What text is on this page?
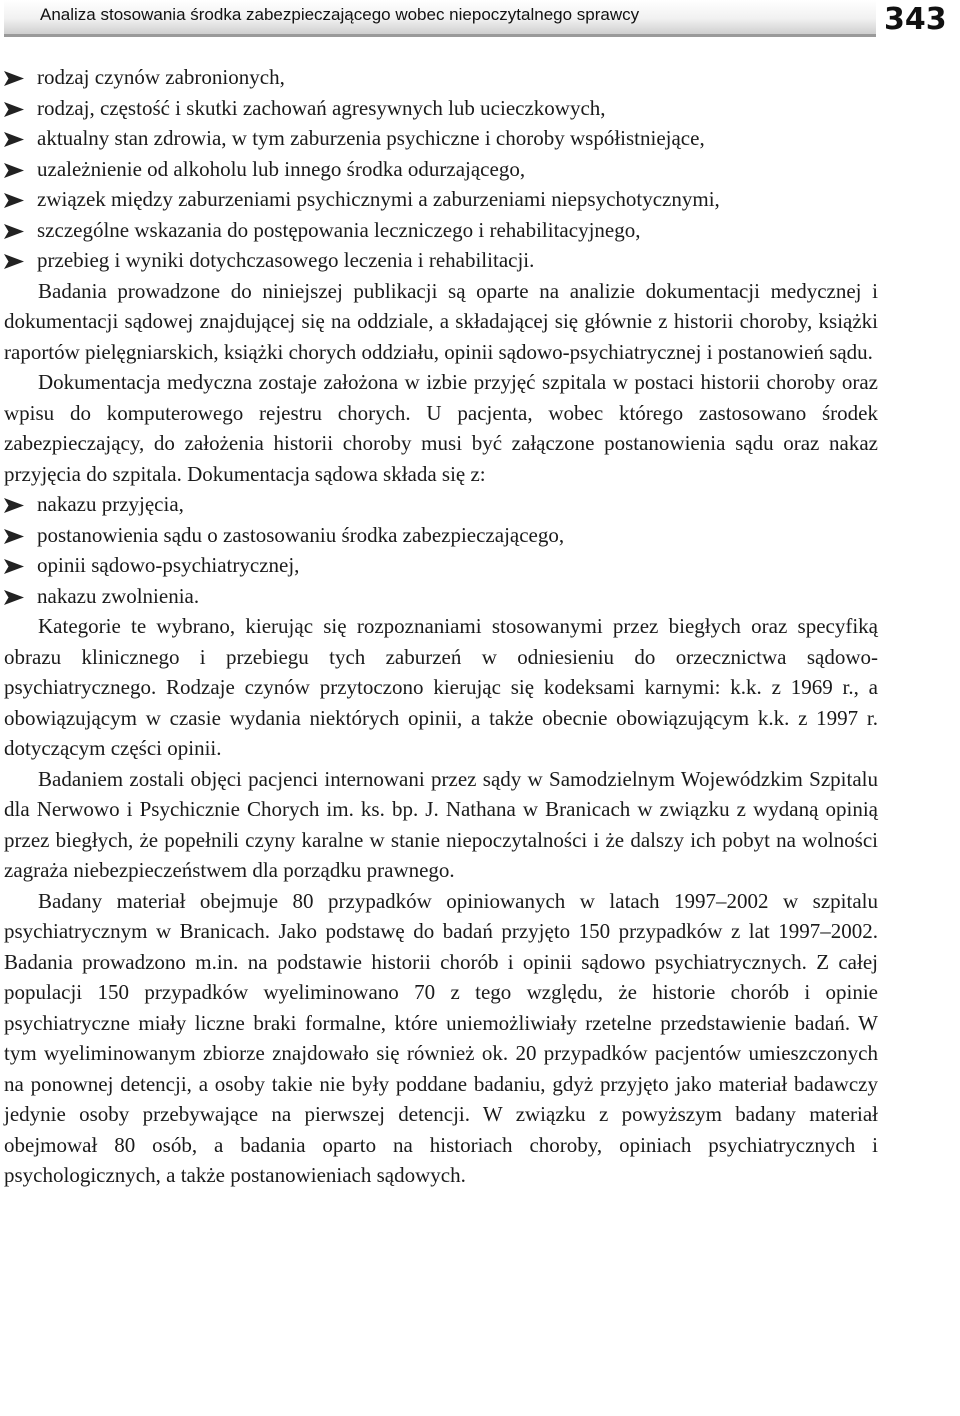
Analiza stosowania środka zabezpieczającego wobec niepoczytalnego sprawcy	343
rodzaj czynów zabronionych,
rodzaj, częstość i skutki zachowań agresywnych lub ucieczkowych,
aktualny stan zdrowia, w tym zaburzenia psychiczne i choroby współistniejące,
uzależnienie od alkoholu lub innego środka odurzającego,
związek między zaburzeniami psychicznymi a zaburzeniami niepsychotycznymi,
szczególne wskazania do postępowania leczniczego i rehabilitacyjnego,
przebieg i wyniki dotychczasowego leczenia i rehabilitacji.

Badania prowadzone do niniejszej publikacji są oparte na analizie dokumentacji medycznej i dokumentacji sądowej znajdującej się na oddziale, a składającej się głównie z historii choroby, książki raportów pielęgniarskich, książki chorych oddziału, opinii sądowo-psychiatrycznej i postanowień sądu.

Dokumentacja medyczna zostaje założona w izbie przyjęć szpitala w postaci historii choroby oraz wpisu do komputerowego rejestru chorych. U pacjenta, wobec którego zastosowano środek zabezpieczający, do założenia historii choroby musi być załączone postanowienia sądu oraz nakaz przyjęcia do szpitala. Dokumentacja sądowa składa się z:

nakazu przyjęcia,
postanowienia sądu o zastosowaniu środka zabezpieczającego,
opinii sądowo-psychiatrycznej,
nakazu zwolnienia.

Kategorie te wybrano, kierując się rozpoznaniami stosowanymi przez biegłych oraz specyfiką obrazu klinicznego i przebiegu tych zaburzeń w odniesieniu do orzecznictwa sądowo-psychiatrycznego. Rodzaje czynów przytoczono kierując się kodeksami karnymi: k.k. z 1969 r., a obowiązującym w czasie wydania niektórych opinii, a także obecnie obowiązującym k.k. z 1997 r. dotyczącym części opinii.

Badaniem zostali objęci pacjenci internowani przez sądy w Samodzielnym Wojewódzkim Szpitalu dla Nerwowo i Psychicznie Chorych im. ks. bp. J. Nathana w Branicach w związku z wydaną opinią przez biegłych, że popełnili czyny karalne w stanie niepoczytalności i że dalszy ich pobyt na wolności zagraża niebezpieczeństwem dla porządku prawnego.

Badany materiał obejmuje 80 przypadków opiniowanych w latach 1997–2002 w szpitalu psychiatrycznym w Branicach. Jako podstawę do badań przyjęto 150 przypadków z lat 1997–2002. Badania prowadzono m.in. na podstawie historii chorób i opinii sądowo psychiatrycznych. Z całej populacji 150 przypadków wyeliminowano 70 z tego względu, że historie chorób i opinie psychiatryczne miały liczne braki formalne, które uniemożliwiały rzetelne przedstawienie badań. W tym wyeliminowanym zbiorze znajdowało się również ok. 20 przypadków pacjentów umieszczonych na ponownej detencji, a osoby takie nie były poddane badaniu, gdyż przyjęto jako materiał badawczy jedynie osoby przebywające na pierwszej detencji. W związku z powyższym badany materiał obejmował 80 osób, a badania oparto na historiach choroby, opiniach psychiatrycznych i psychologicznych, a także postanowieniach sądowych.
